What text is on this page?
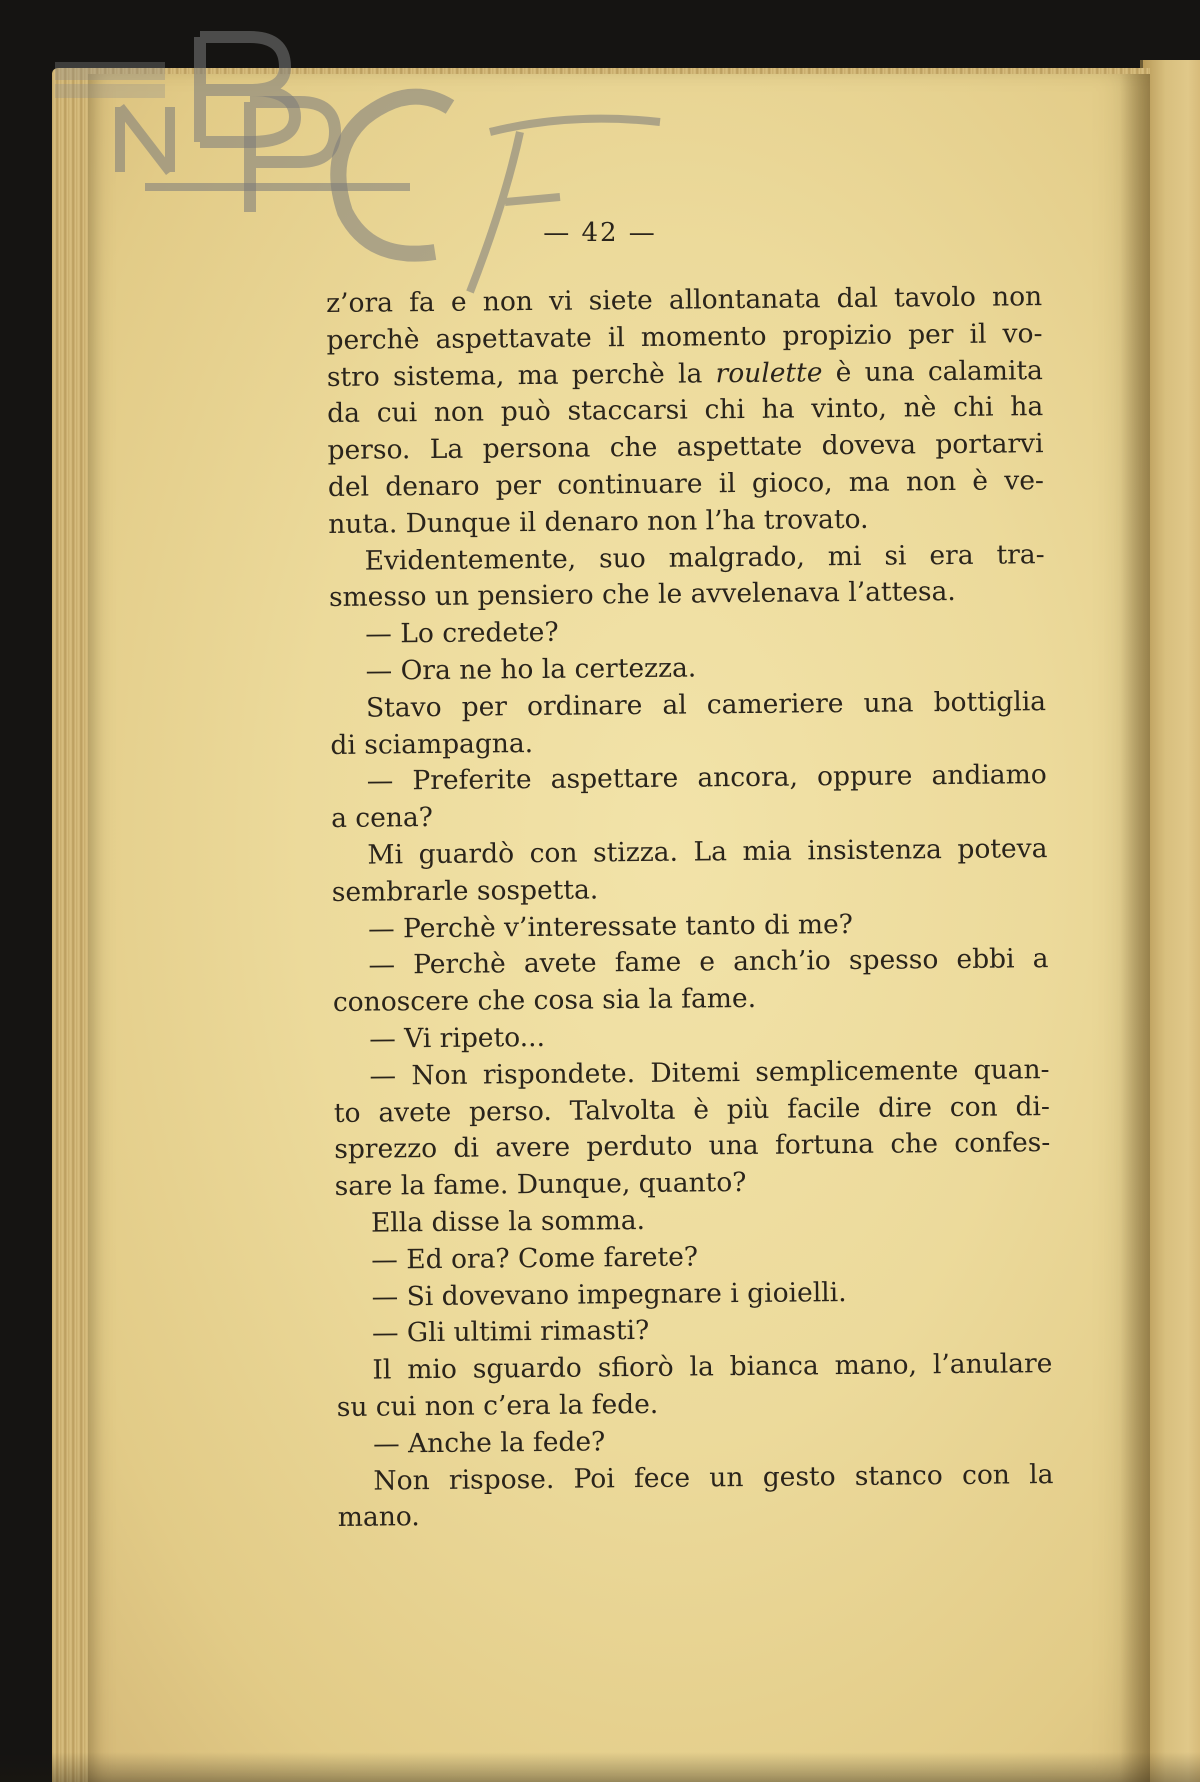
— 42 —
z’ora fa e non vi siete allontanata dal tavolo non
perchè aspettavate il momento propizio per il vo-
stro sistema, ma perchè la roulette è una calamita
da cui non può staccarsi chi ha vinto, nè chi ha
perso. La persona che aspettate doveva portarvi
del denaro per continuare il gioco, ma non è ve-
nuta. Dunque il denaro non l’ha trovato.
Evidentemente, suo malgrado, mi si era tra-
smesso un pensiero che le avvelenava l’attesa.
— Lo credete?
— Ora ne ho la certezza.
Stavo per ordinare al cameriere una bottiglia
di sciampagna.
— Preferite aspettare ancora, oppure andiamo
a cena?
Mi guardò con stizza. La mia insistenza poteva
sembrarle sospetta.
— Perchè v’interessate tanto di me?
— Perchè avete fame e anch’io spesso ebbi a
conoscere che cosa sia la fame.
— Vi ripeto...
— Non rispondete. Ditemi semplicemente quan-
to avete perso. Talvolta è più facile dire con di-
sprezzo di avere perduto una fortuna che confes-
sare la fame. Dunque, quanto?
Ella disse la somma.
— Ed ora? Come farete?
— Si dovevano impegnare i gioielli.
— Gli ultimi rimasti?
Il mio sguardo sfiorò la bianca mano, l’anulare
su cui non c’era la fede.
— Anche la fede?
Non rispose. Poi fece un gesto stanco con la
mano.
